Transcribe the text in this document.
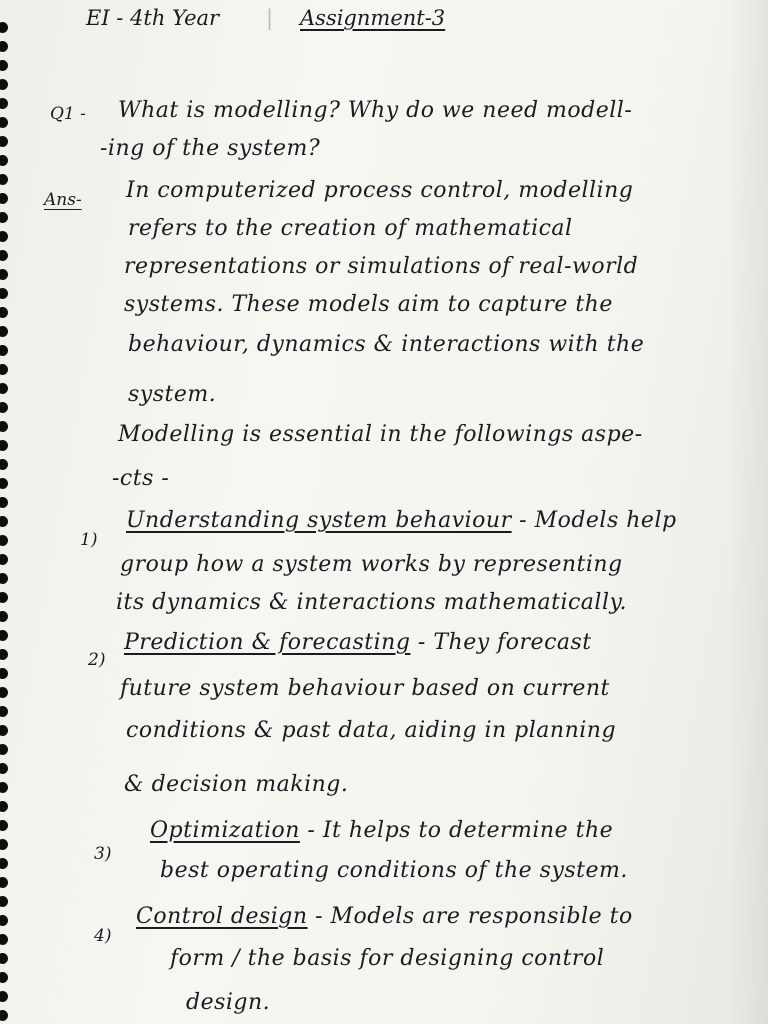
EI - 4th Year | Assignment-3
Q1 - What is modelling? Why do we need modell-
-ing of the system?
Ans- In computerized process control, modelling
refers to the creation of mathematical
representations or simulations of real-world
systems. These models aim to capture the
behaviour, dynamics & interactions with the
system.
Modelling is essential in the followings aspe-
-cts -
1)
Understanding system behaviour - Models help
group how a system works by representing
its dynamics & interactions mathematically.
2)
Prediction & forecasting - They forecast
future system behaviour based on current
conditions & past data, aiding in planning
& decision making.
3)
Optimization - It helps to determine the
best operating conditions of the system.
4)
Control design - Models are responsible to
form / the basis for designing control
design.
